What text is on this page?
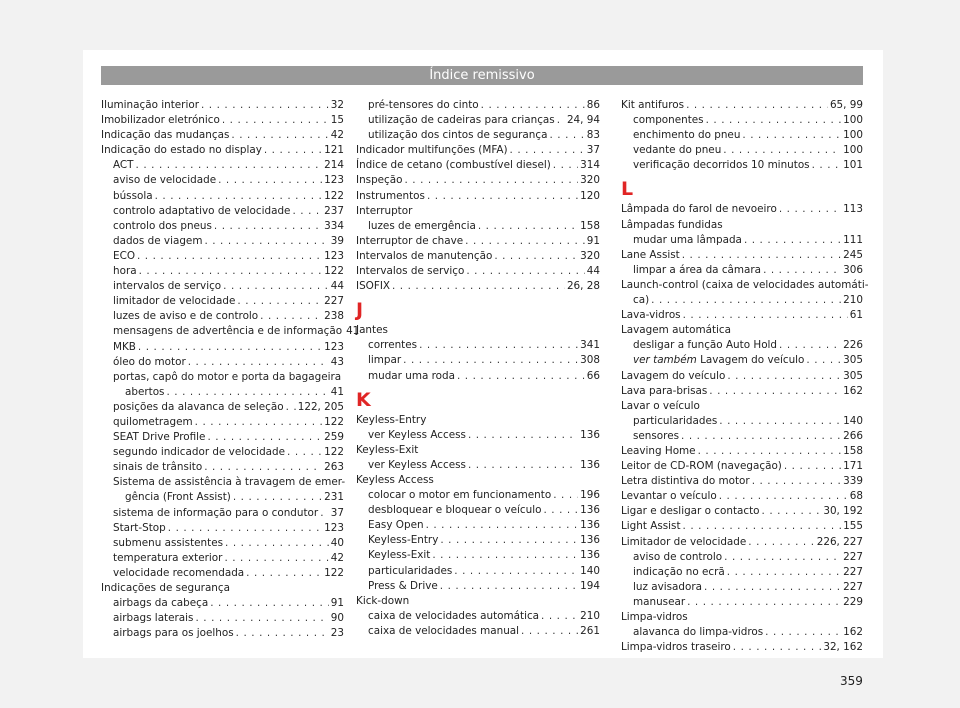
Índice remissivo
Iluminação interior . . .	32
Imobilizador eletrónico . . .	15
Indicação das mudanças . . .	42
Indicação do estado no display . . .	121
ACT . . .	214
aviso de velocidade . . .	123
bússola . . .	122
controlo adaptativo de velocidade . . .	237
controlo dos pneus . . .	334
dados de viagem . . .	39
ECO . . .	123
hora . . .	122
intervalos de serviço . . .	44
limitador de velocidade . . .	227
luzes de aviso e de controlo . . .	238
mensagens de advertência e de informação 41
MKB . . .	123
óleo do motor . . .	43
portas, capô do motor e porta da bagageira
abertos . . .	41
posições da alavanca de seleção . . . 122, 205
quilometragem . . .	122
SEAT Drive Profile . . .	259
segundo indicador de velocidade . . .	122
sinais de trânsito . . .	263
Sistema de assistência à travagem de emer-
gência (Front Assist) . . .	231
sistema de informação para o condutor . . . 37
Start-Stop . . .	123
submenu assistentes . . .	40
temperatura exterior . . .	42
velocidade recomendada . . .	122
Indicações de segurança
airbags da cabeça . . .	91
airbags laterais . . .	90
airbags para os joelhos . . .	23
pré-tensores do cinto . . .	86
utilização de cadeiras para crianças . . . 24, 94
utilização dos cintos de segurança . . .	83
Indicador multifunções (MFA) . . .	37
Índice de cetano (combustível diesel) . . .	314
Inspeção . . .	320
Instrumentos . . .	120
Interruptor
luzes de emergência . . .	158
Interruptor de chave . . .	91
Intervalos de manutenção . . .	320
Intervalos de serviço . . .	44
ISOFIX . . .	26, 28
J
Jantes
correntes . . .	341
limpar . . .	308
mudar uma roda . . .	66
K
Keyless-Entry
ver Keyless Access . . .	136
Keyless-Exit
ver Keyless Access . . .	136
Keyless Access
colocar o motor em funcionamento . . .	196
desbloquear e bloquear o veículo . . .	136
Easy Open . . .	136
Keyless-Entry . . .	136
Keyless-Exit . . .	136
particularidades . . .	140
Press & Drive . . .	194
Kick-down
caixa de velocidades automática . . .	210
caixa de velocidades manual . . .	261
Kit antifuros . . .	65, 99
componentes . . .	100
enchimento do pneu . . .	100
vedante do pneu . . .	100
verificação decorridos 10 minutos . . .	101
L
Lâmpada do farol de nevoeiro . . .	113
Lâmpadas fundidas
mudar uma lâmpada . . .	111
Lane Assist . . .	245
limpar a área da câmara . . .	306
Launch-control (caixa de velocidades automáti-
ca) . . .	210
Lava-vidros . . .	61
Lavagem automática
desligar a função Auto Hold . . .	226
ver também Lavagem do veículo . . .	305
Lavagem do veículo . . .	305
Lava para-brisas . . .	162
Lavar o veículo
particularidades . . .	140
sensores . . .	266
Leaving Home . . .	158
Leitor de CD-ROM (navegação) . . .	171
Letra distintiva do motor . . .	339
Levantar o veículo . . .	68
Ligar e desligar o contacto . . .	30, 192
Light Assist . . .	155
Limitador de velocidade . . .	226, 227
aviso de controlo . . .	227
indicação no ecrã . . .	227
luz avisadora . . .	227
manusear . . .	229
Limpa-vidros
alavanca do limpa-vidros . . .	162
Limpa-vidros traseiro . . .	32, 162
359
